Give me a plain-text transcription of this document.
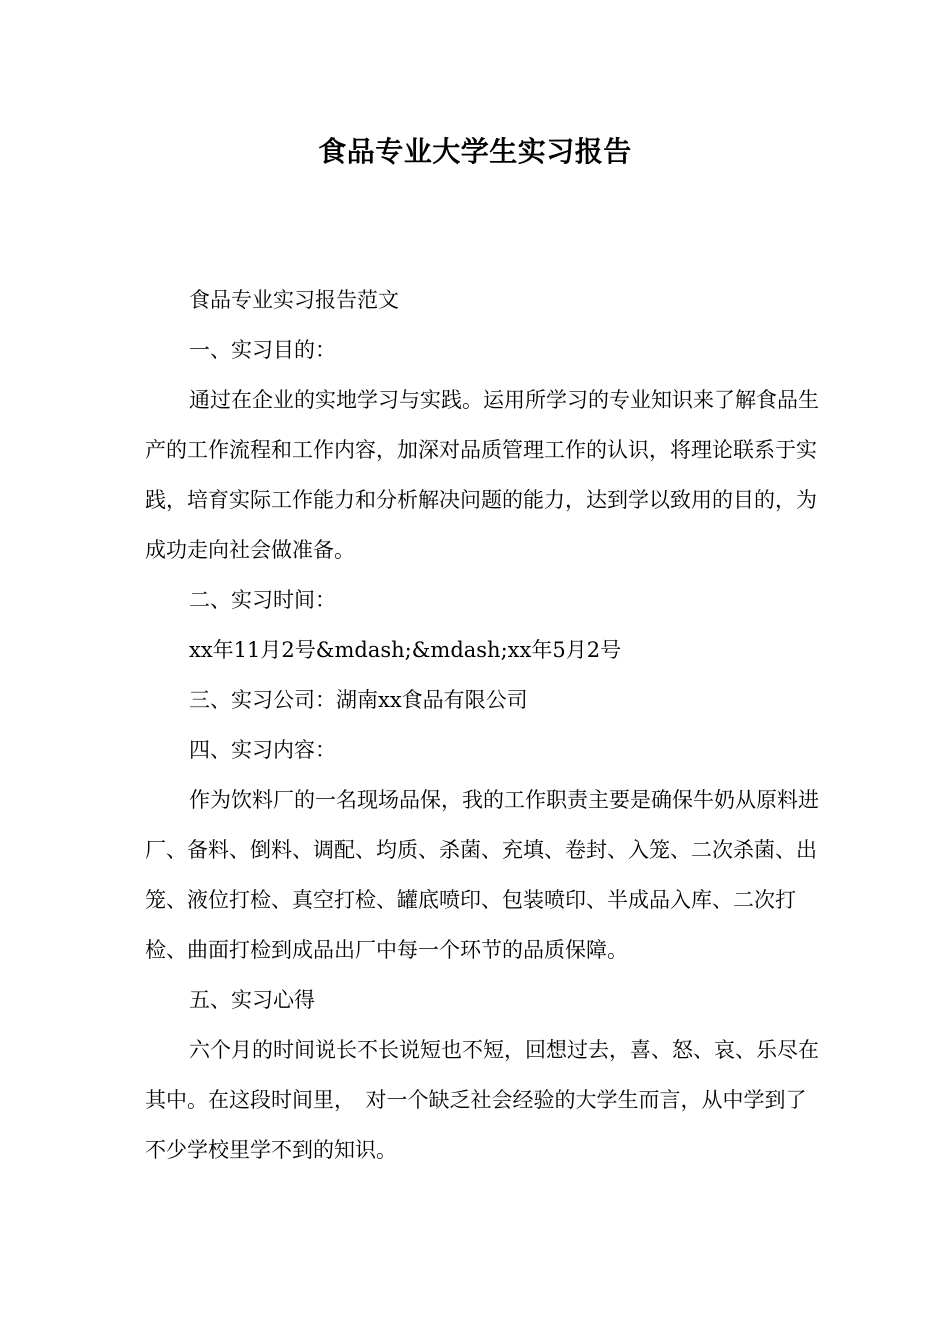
食品专业大学生实习报告

食品专业实习报告范文

一、实习目的：

通过在企业的实地学习与实践。运用所学习的专业知识来了解食品生产的工作流程和工作内容，加深对品质管理工作的认识，将理论联系于实践，培育实际工作能力和分析解决问题的能力，达到学以致用的目的，为成功走向社会做准备。

二、实习时间：

xx年11月2号&mdash;&mdash;xx年5月2号

三、实习公司：湖南xx食品有限公司

四、实习内容：

作为饮料厂的一名现场品保，我的工作职责主要是确保牛奶从原料进厂、备料、倒料、调配、均质、杀菌、充填、卷封、入笼、二次杀菌、出笼、液位打检、真空打检、罐底喷印、包装喷印、半成品入库、二次打检、曲面打检到成品出厂中每一个环节的品质保障。

五、实习心得

六个月的时间说长不长说短也不短，回想过去，喜、怒、哀、乐尽在其中。在这段时间里，　对一个缺乏社会经验的大学生而言，从中学到了不少学校里学不到的知识。
